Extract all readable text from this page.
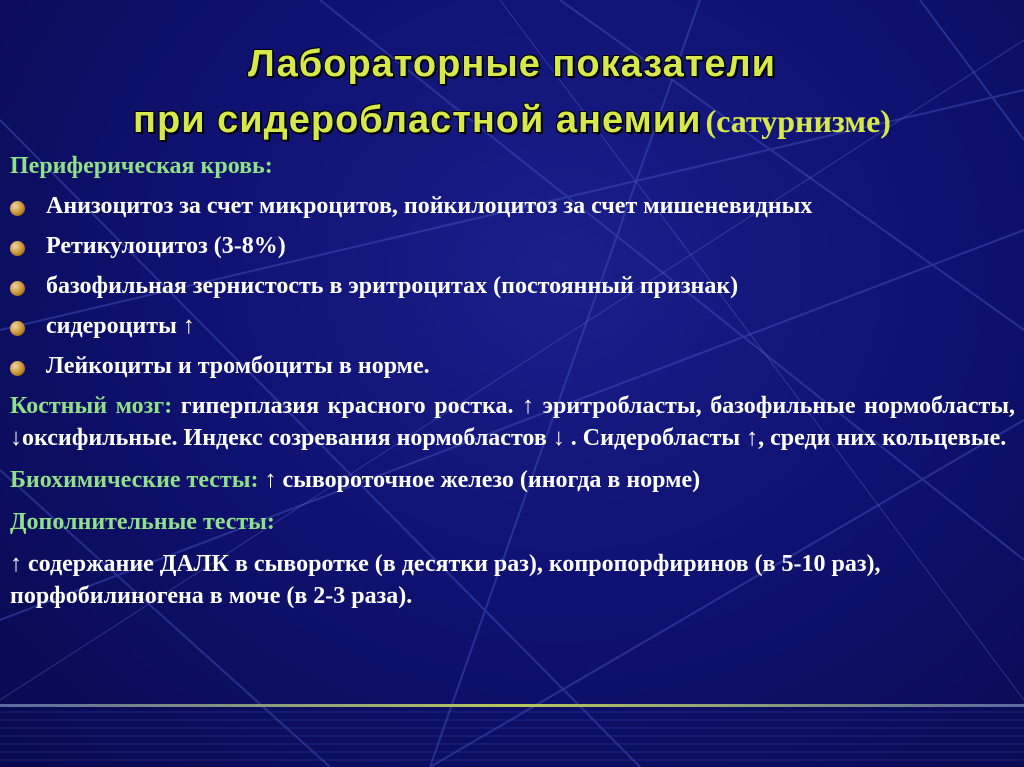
Лабораторные показатели
при сидеробластной анемии (сатурнизме)

Периферическая кровь:

Анизоцитоз за счет микроцитов, пойкилоцитоз за счет мишеневидных

Ретикулоцитоз (3-8%)

базофильная зернистость в эритроцитах (постоянный признак)

сидероциты ↑

Лейкоциты и тромбоциты в норме.

Костный мозг: гиперплазия красного ростка. ↑ эритробласты, базофильные нормобласты, ↓оксифильные. Индекс созревания нормобластов ↓ . Сидеробласты ↑, среди них кольцевые.

Биохимические тесты: ↑ сывороточное железо (иногда в норме)

Дополнительные тесты:

↑ содержание ДАЛК в сыворотке (в десятки раз), копропорфиринов (в 5-10 раз), порфобилиногена в моче (в 2-3 раза).
